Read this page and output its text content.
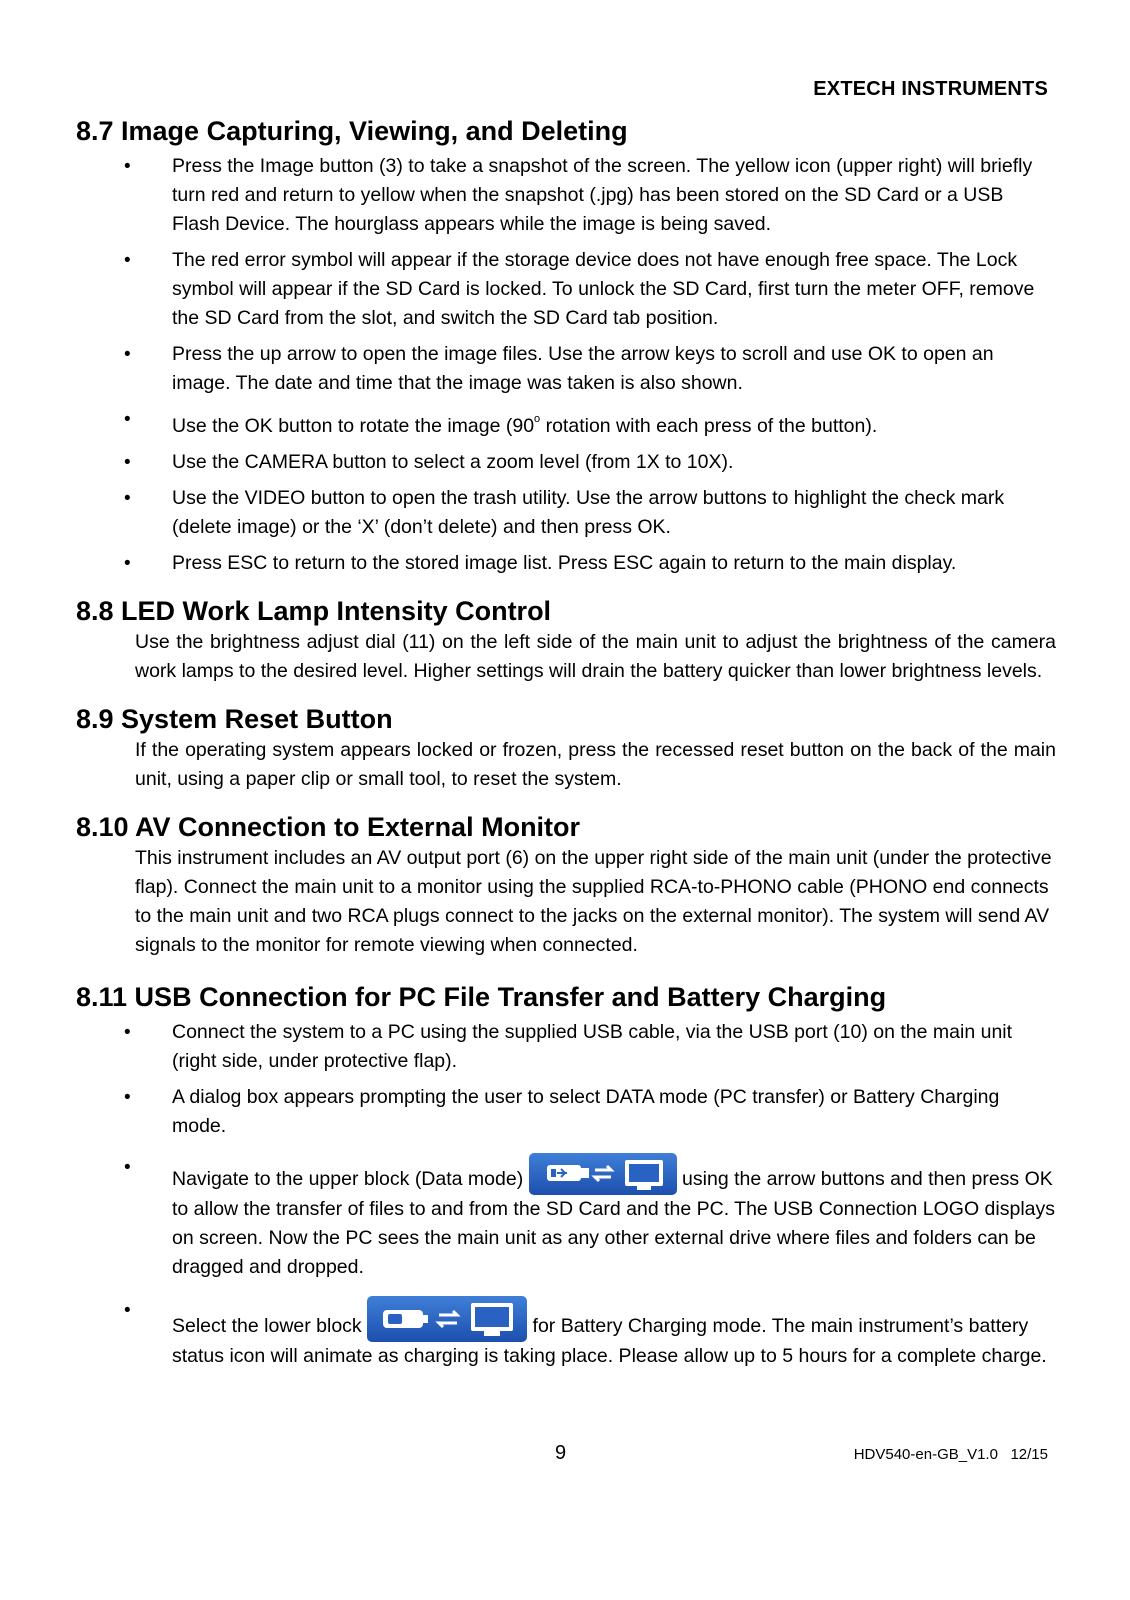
EXTECH INSTRUMENTS
8.7 Image Capturing, Viewing, and Deleting
• Press the Image button (3) to take a snapshot of the screen. The yellow icon (upper right) will briefly turn red and return to yellow when the snapshot (.jpg) has been stored on the SD Card or a USB Flash Device. The hourglass appears while the image is being saved.
• The red error symbol will appear if the storage device does not have enough free space. The Lock symbol will appear if the SD Card is locked. To unlock the SD Card, first turn the meter OFF, remove the SD Card from the slot, and switch the SD Card tab position.
• Press the up arrow to open the image files. Use the arrow keys to scroll and use OK to open an image. The date and time that the image was taken is also shown.
• Use the OK button to rotate the image (90$^o$ rotation with each press of the button).
• Use the CAMERA button to select a zoom level (from 1X to 10X).
• Use the VIDEO button to open the trash utility. Use the arrow buttons to highlight the check mark (delete image) or the ‘X’ (don’t delete) and then press OK.
• Press ESC to return to the stored image list. Press ESC again to return to the main display.
8.8 LED Work Lamp Intensity Control

Use the brightness adjust dial (11) on the left side of the main unit to adjust the brightness of the camera work lamps to the desired level. Higher settings will drain the battery quicker than lower brightness levels.

8.9 System Reset Button

If the operating system appears locked or frozen, press the recessed reset button on the back of the main unit, using a paper clip or small tool, to reset the system.

8.10 AV Connection to External Monitor

This instrument includes an AV output port (6) on the upper right side of the main unit (under the protective flap). Connect the main unit to a monitor using the supplied RCA-to-PHONO cable (PHONO end connects to the main unit and two RCA plugs connect to the jacks on the external monitor). The system will send AV signals to the monitor for remote viewing when connected.

8.11 USB Connection for PC File Transfer and Battery Charging
• Connect the system to a PC using the supplied USB cable, via the USB port (10) on the main unit (right side, under protective flap).
• A dialog box appears prompting the user to select DATA mode (PC transfer) or Battery Charging mode.
•
Navigate to the upper block (Data mode)	using the arrow buttons and then press OK to allow the transfer of files to and from the SD Card and the PC. The USB Connection LOGO displays on screen. Now the PC sees the main unit as any other external drive where files and folders can be dragged and dropped.
•
Select the lower block	for Battery Charging mode. The main instrument’s battery status icon will animate as charging is taking place. Please allow up to 5 hours for a complete charge.
9	HDV540-en-GB_V1.0   12/15
